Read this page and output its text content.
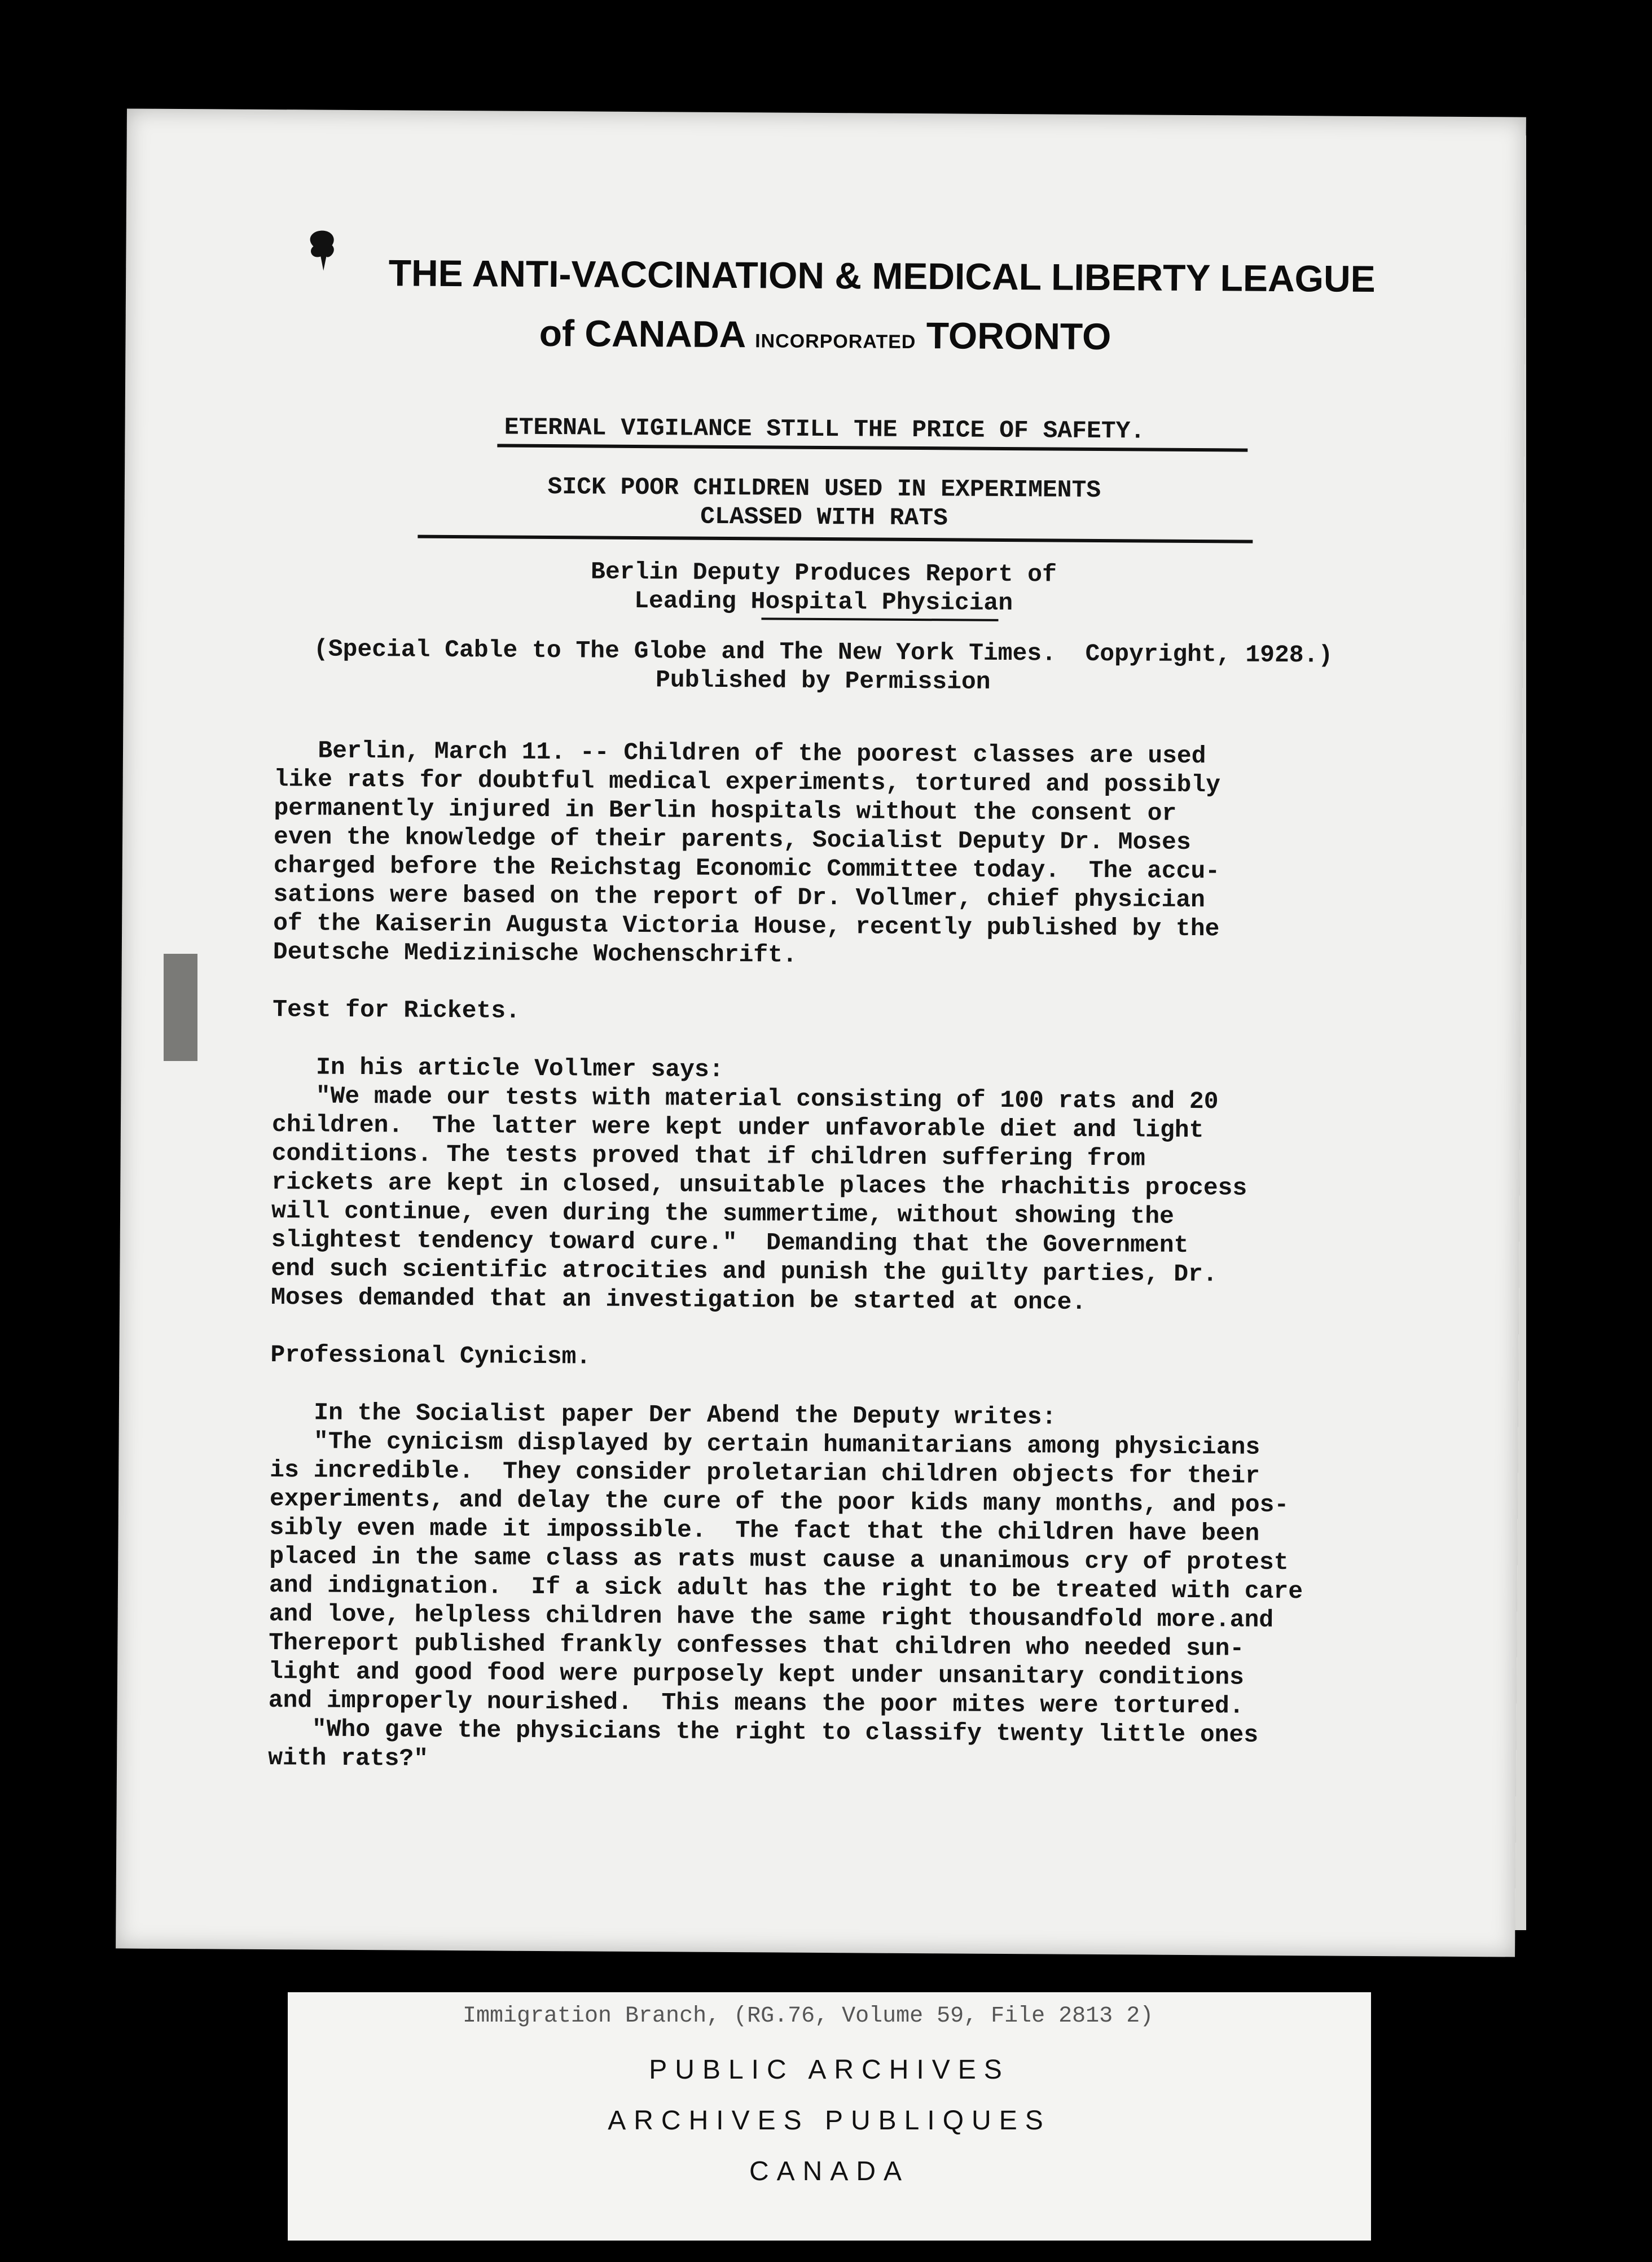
THE ANTI-VACCINATION & MEDICAL LIBERTY LEAGUE
of CANADA INCORPORATED TORONTO
ETERNAL VIGILANCE STILL THE PRICE OF SAFETY.
SICK POOR CHILDREN USED IN EXPERIMENTS
CLASSED WITH RATS
Berlin Deputy Produces Report of
Leading Hospital Physician
(Special Cable to The Globe and The New York Times.  Copyright, 1928.)
Published by Permission
Berlin, March 11. -- Children of the poorest classes are used
like rats for doubtful medical experiments, tortured and possibly
permanently injured in Berlin hospitals without the consent or
even the knowledge of their parents, Socialist Deputy Dr. Moses
charged before the Reichstag Economic Committee today.  The accu-
sations were based on the report of Dr. Vollmer, chief physician
of the Kaiserin Augusta Victoria House, recently published by the
Deutsche Medizinische Wochenschrift.

Test for Rickets.

In his article Vollmer says:
"We made our tests with material consisting of 100 rats and 20
children.  The latter were kept under unfavorable diet and light
conditions. The tests proved that if children suffering from
rickets are kept in closed, unsuitable places the rhachitis process
will continue, even during the summertime, without showing the
slightest tendency toward cure."  Demanding that the Government
end such scientific atrocities and punish the guilty parties, Dr.
Moses demanded that an investigation be started at once.

Professional Cynicism.

In the Socialist paper Der Abend the Deputy writes:
"The cynicism displayed by certain humanitarians among physicians
is incredible.  They consider proletarian children objects for their
experiments, and delay the cure of the poor kids many months, and pos-
sibly even made it impossible.  The fact that the children have been
placed in the same class as rats must cause a unanimous cry of protest
and indignation.  If a sick adult has the right to be treated with care
and love, helpless children have the same right thousandfold more.and
Thereport published frankly confesses that children who needed sun-
light and good food were purposely kept under unsanitary conditions
and improperly nourished.  This means the poor mites were tortured.
"Who gave the physicians the right to classify twenty little ones
with rats?"
Immigration Branch, (RG.76, Volume 59, File 2813 2)
PUBLIC ARCHIVES
ARCHIVES PUBLIQUES
CANADA
